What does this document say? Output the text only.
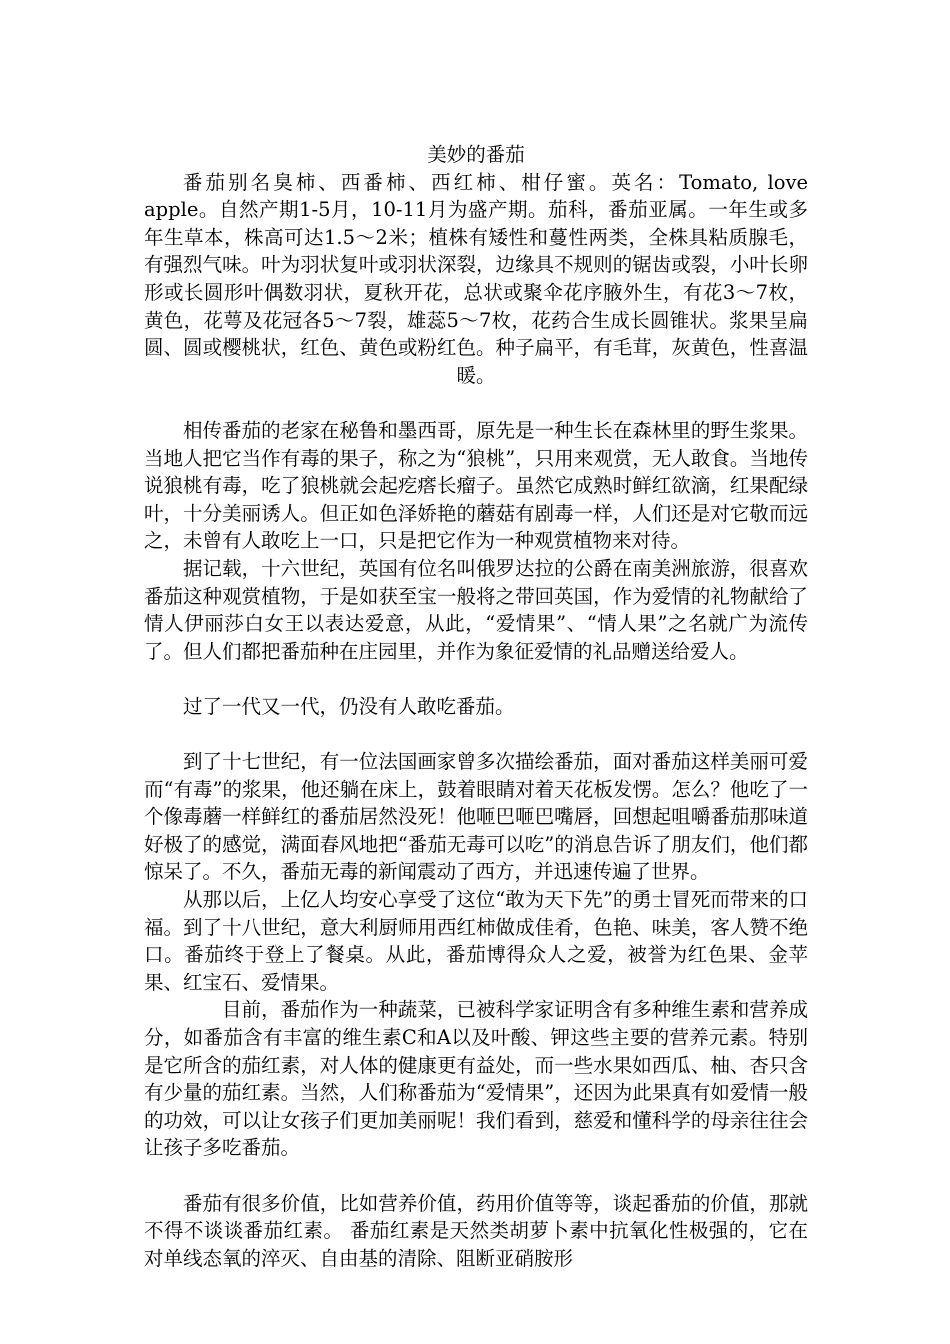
美妙的番茄

番茄别名臭柿、西番柿、西红柿、柑仔蜜。英名：Tomato, love apple。自然产期1-5月，10-11月为盛产期。茄科，番茄亚属。一年生或多年生草本，株高可达1.5～2米；植株有矮性和蔓性两类，全株具粘质腺毛，有强烈气味。叶为羽状复叶或羽状深裂，边缘具不规则的锯齿或裂，小叶长卵形或长圆形叶偶数羽状，夏秋开花，总状或聚伞花序腋外生，有花3～7枚，黄色，花萼及花冠各5～7裂，雄蕊5～7枚，花药合生成长圆锥状。浆果呈扁圆、圆或樱桃状，红色、黄色或粉红色。种子扁平，有毛茸，灰黄色，性喜温暖。

相传番茄的老家在秘鲁和墨西哥，原先是一种生长在森林里的野生浆果。当地人把它当作有毒的果子，称之为“狼桃”，只用来观赏，无人敢食。当地传说狼桃有毒，吃了狼桃就会起疙瘩长瘤子。虽然它成熟时鲜红欲滴，红果配绿叶，十分美丽诱人。但正如色泽娇艳的蘑菇有剧毒一样，人们还是对它敬而远之，未曾有人敢吃上一口，只是把它作为一种观赏植物来对待。

据记载，十六世纪，英国有位名叫俄罗达拉的公爵在南美洲旅游，很喜欢番茄这种观赏植物，于是如获至宝一般将之带回英国，作为爱情的礼物献给了情人伊丽莎白女王以表达爱意，从此，“爱情果”、“情人果”之名就广为流传了。但人们都把番茄种在庄园里，并作为象征爱情的礼品赠送给爱人。

过了一代又一代，仍没有人敢吃番茄。

到了十七世纪，有一位法国画家曾多次描绘番茄，面对番茄这样美丽可爱而“有毒”的浆果，他还躺在床上，鼓着眼睛对着天花板发愣。怎么？他吃了一个像毒蘑一样鲜红的番茄居然没死！他咂巴咂巴嘴唇，回想起咀嚼番茄那味道好极了的感觉，满面春风地把“番茄无毒可以吃”的消息告诉了朋友们，他们都惊呆了。不久，番茄无毒的新闻震动了西方，并迅速传遍了世界。

从那以后，上亿人均安心享受了这位“敢为天下先”的勇士冒死而带来的口福。到了十八世纪，意大利厨师用西红柿做成佳肴，色艳、味美，客人赞不绝口。番茄终于登上了餐桌。从此，番茄博得众人之爱，被誉为红色果、金苹果、红宝石、爱情果。

目前，番茄作为一种蔬菜，已被科学家证明含有多种维生素和营养成分，如番茄含有丰富的维生素C和A以及叶酸、钾这些主要的营养元素。特别是它所含的茄红素，对人体的健康更有益处，而一些水果如西瓜、柚、杏只含有少量的茄红素。当然，人们称番茄为“爱情果”，还因为此果真有如爱情一般的功效，可以让女孩子们更加美丽呢！我们看到，慈爱和懂科学的母亲往往会让孩子多吃番茄。

番茄有很多价值，比如营养价值，药用价值等等，谈起番茄的价值，那就不得不谈谈番茄红素。 番茄红素是天然类胡萝卜素中抗氧化性极强的，它在对单线态氧的淬灭、自由基的清除、阻断亚硝胺形
